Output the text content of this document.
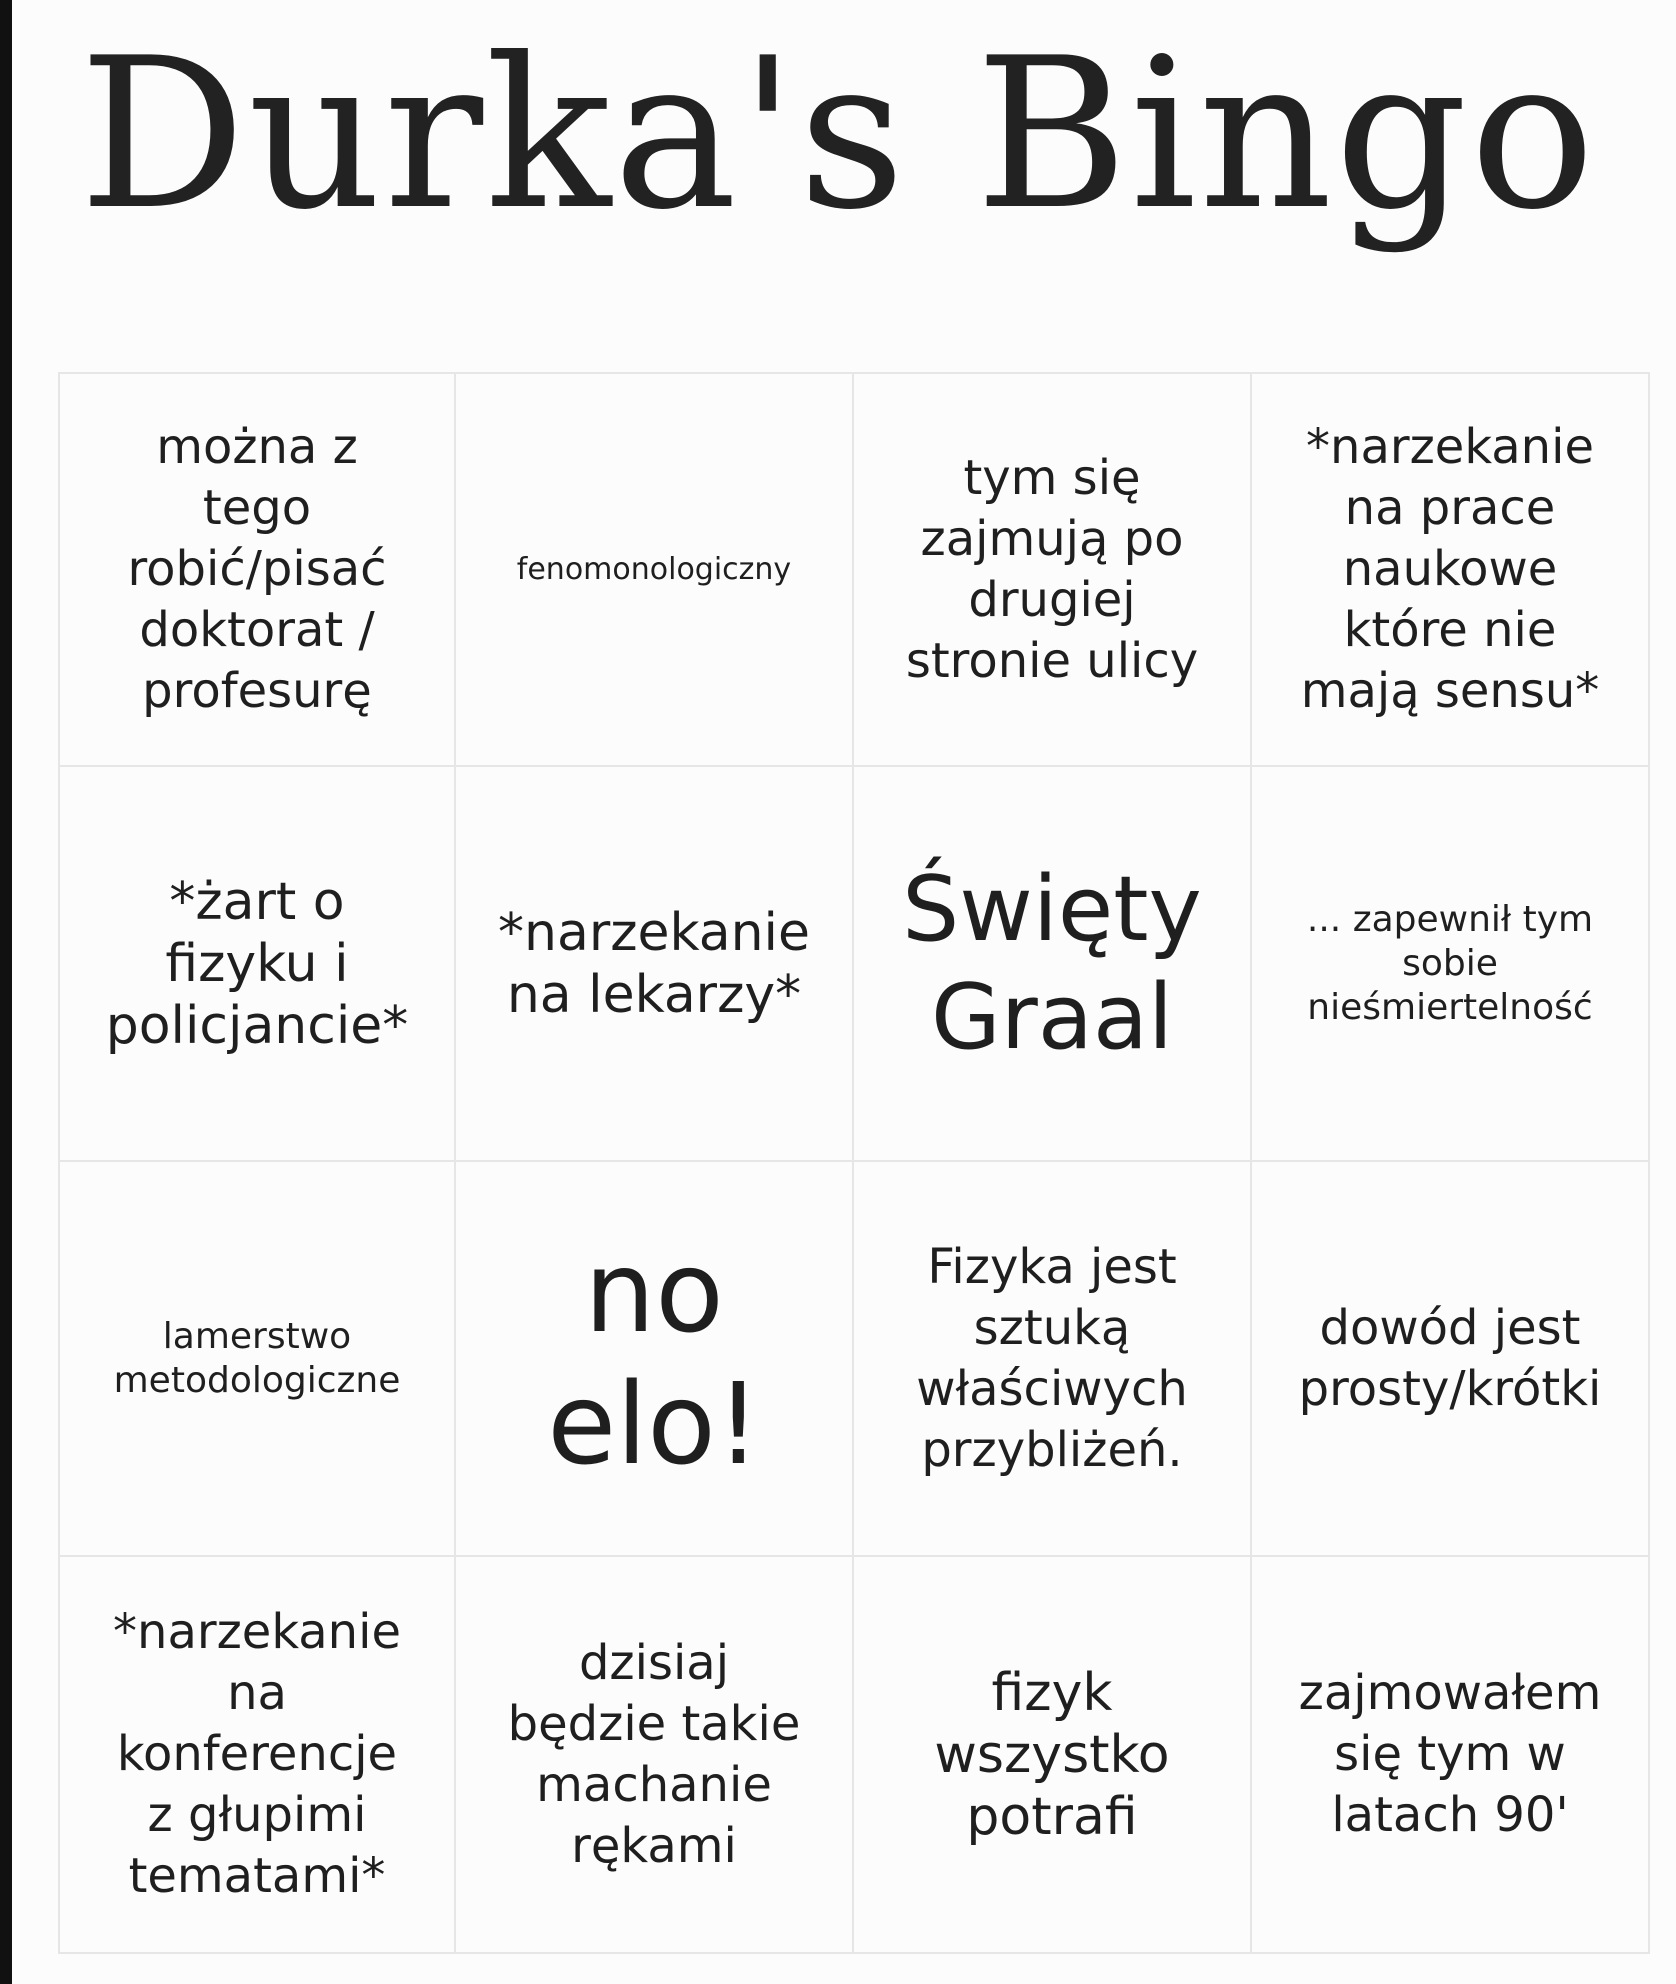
Durka's Bingo
można z
tego
robić/pisać
doktorat /
profesurę
fenomonologiczny
tym się
zajmują po
drugiej
stronie ulicy
*narzekanie
na prace
naukowe
które nie
mają sensu*
*żart o
fizyku i
policjancie*
*narzekanie
na lekarzy*
Święty
Graal
... zapewnił tym
sobie
nieśmiertelność
lamerstwo
metodologiczne
no
elo!
Fizyka jest
sztuką
właściwych
przybliżeń.
dowód jest
prosty/krótki
*narzekanie
na
konferencje
z głupimi
tematami*
dzisiaj
będzie takie
machanie
rękami
fizyk
wszystko
potrafi
zajmowałem
się tym w
latach 90'
